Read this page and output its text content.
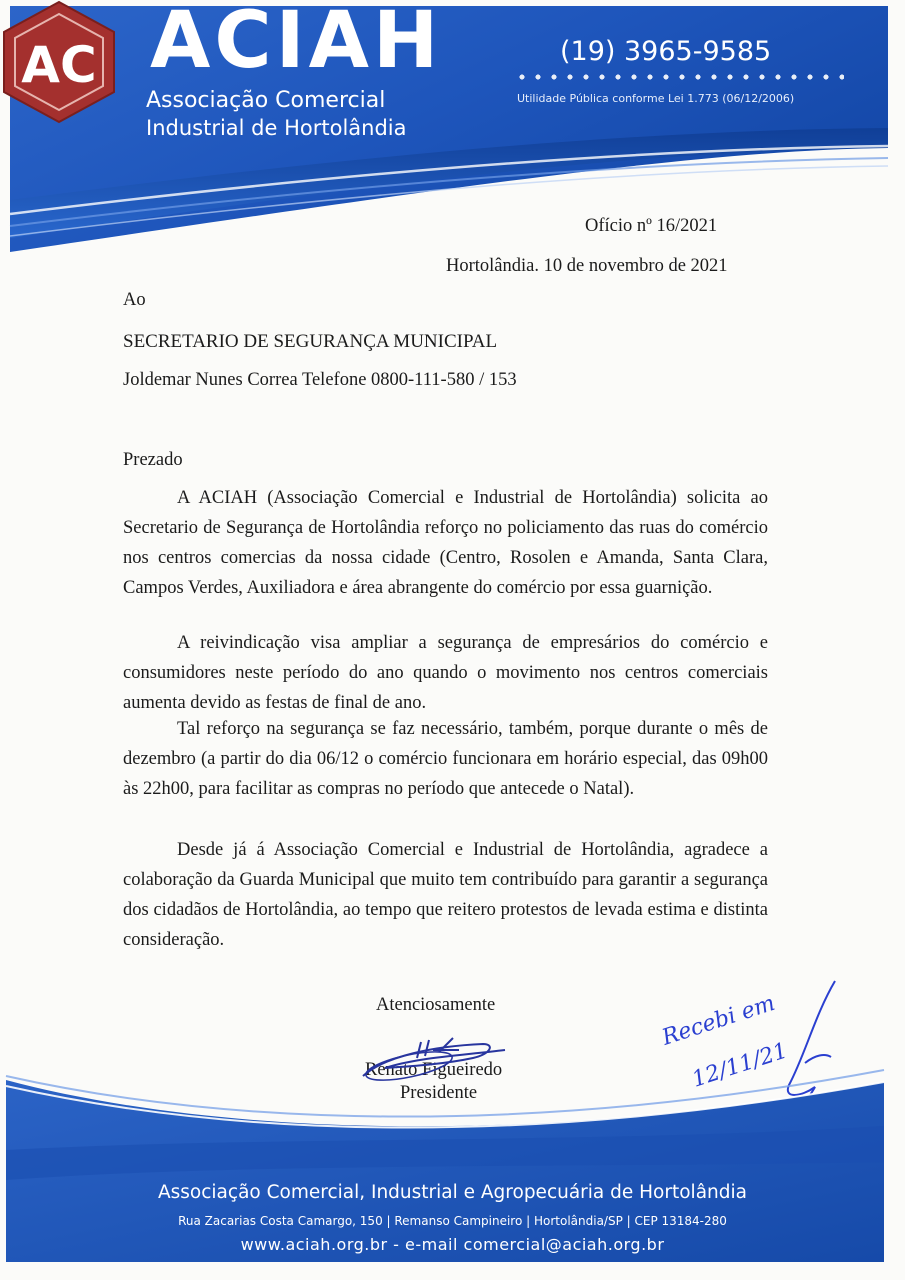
AC ACIAH
Associação Comercial
Industrial de Hortolândia
(19) 3965-9585
Utilidade Pública conforme Lei 1.773 (06/12/2006)
Ofício nº 16/2021
Hortolândia. 10 de novembro de 2021
Ao
SECRETARIO DE SEGURANÇA MUNICIPAL
Joldemar Nunes Correa Telefone 0800-111-580 / 153
Prezado
A ACIAH (Associação Comercial e Industrial de Hortolândia) solicita ao Secretario de Segurança de Hortolândia reforço no policiamento das ruas do comércio nos centros comercias da nossa cidade (Centro, Rosolen e Amanda, Santa Clara, Campos Verdes, Auxiliadora e área abrangente do comércio por essa guarnição.
A reivindicação visa ampliar a segurança de empresários do comércio e consumidores neste período do ano quando o movimento nos centros comerciais aumenta devido as festas de final de ano.
Tal reforço na segurança se faz necessário, também, porque durante o mês de dezembro (a partir do dia 06/12 o comércio funcionara em horário especial, das 09h00 às 22h00, para facilitar as compras no período que antecede o Natal).
Desde já á Associação Comercial e Industrial de Hortolândia, agradece a colaboração da Guarda Municipal que muito tem contribuído para garantir a segurança dos cidadãos de Hortolândia, ao tempo que reitero protestos de levada estima e distinta consideração.
Atenciosamente
Renato Figueiredo
Presidente
Recebi em
12/11/21
Associação Comercial, Industrial e Agropecuária de Hortolândia
Rua Zacarias Costa Camargo, 150 | Remanso Campineiro | Hortolândia/SP | CEP 13184-280
www.aciah.org.br - e-mail comercial@aciah.org.br
